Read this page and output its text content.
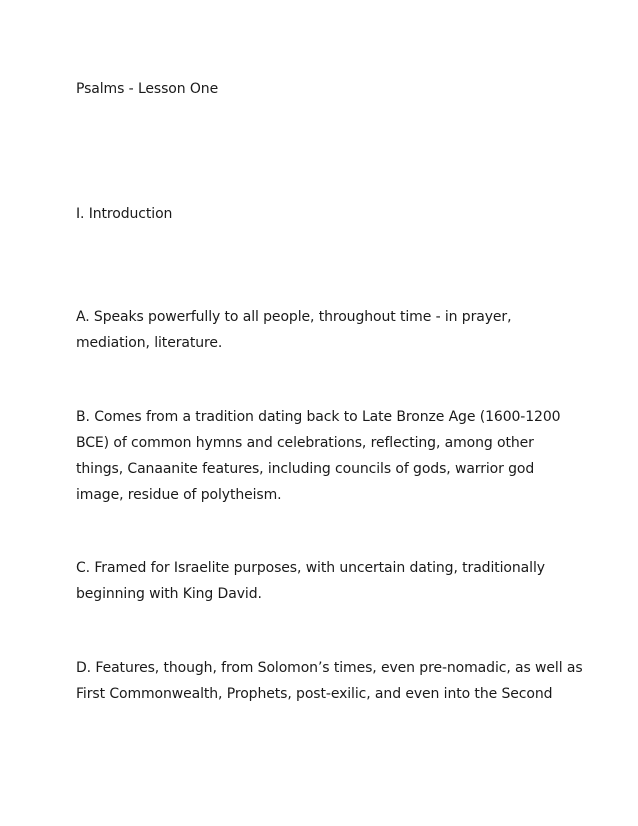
Psalms - Lesson One

I. Introduction

A. Speaks powerfully to all people, throughout time - in prayer,
mediation, literature.

B. Comes from a tradition dating back to Late Bronze Age (1600-1200
BCE) of common hymns and celebrations, reflecting, among other
things, Canaanite features, including councils of gods, warrior god
image, residue of polytheism.

C. Framed for Israelite purposes, with uncertain dating, traditionally
beginning with King David.

D. Features, though, from Solomon’s times, even pre-nomadic, as well as
First Commonwealth, Prophets, post-exilic, and even into the Second
